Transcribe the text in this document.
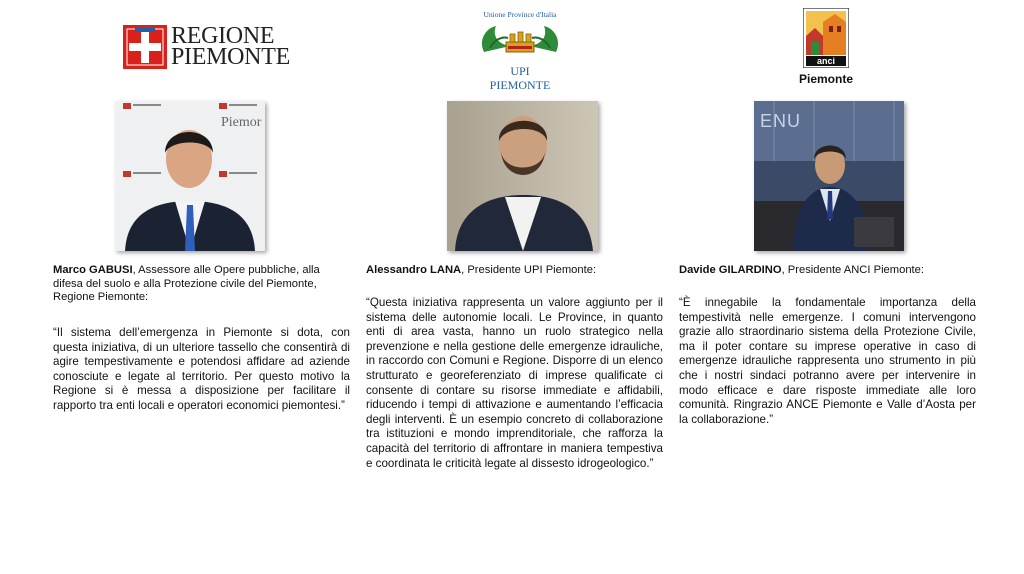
REGIONE
PIEMONTE
Unione Province d'Italia
UPI
PIEMONTE
anci
Piemonte
Piemor	ENU
Marco GABUSI, Assessore alle Opere pubbliche, alla difesa del suolo e alla Protezione civile del Piemonte, Regione Piemonte:
“Il sistema dell’emergenza in Piemonte si dota, con questa iniziativa, di un ulteriore tassello che consentirà di agire tempestivamente e potendosi affidare ad aziende conosciute e legate al territorio. Per questo motivo la Regione si è messa a disposizione per facilitare il rapporto tra enti locali e operatori economici piemontesi.”
Alessandro LANA, Presidente UPI Piemonte:
“Questa iniziativa rappresenta un valore aggiunto per il sistema delle autonomie locali. Le Province, in quanto enti di area vasta, hanno un ruolo strategico nella prevenzione e nella gestione delle emergenze idrauliche, in raccordo con Comuni e Regione. Disporre di un elenco strutturato e georeferenziato di imprese qualificate ci consente di contare su risorse immediate e affidabili, riducendo i tempi di attivazione e aumentando l’efficacia degli interventi. È un esempio concreto di collaborazione tra istituzioni e mondo imprenditoriale, che rafforza la capacità del territorio di affrontare in maniera tempestiva e coordinata le criticità legate al dissesto idrogeologico.”
Davide GILARDINO, Presidente ANCI Piemonte:
“È innegabile la fondamentale importanza della tempestività nelle emergenze. I comuni intervengono grazie allo straordinario sistema della Protezione Civile, ma il poter contare su imprese operative in caso di emergenze idrauliche rappresenta uno strumento in più che i nostri sindaci potranno avere per intervenire in modo efficace e dare risposte immediate alle loro comunità. Ringrazio ANCE Piemonte e Valle d’Aosta per la collaborazione.”
